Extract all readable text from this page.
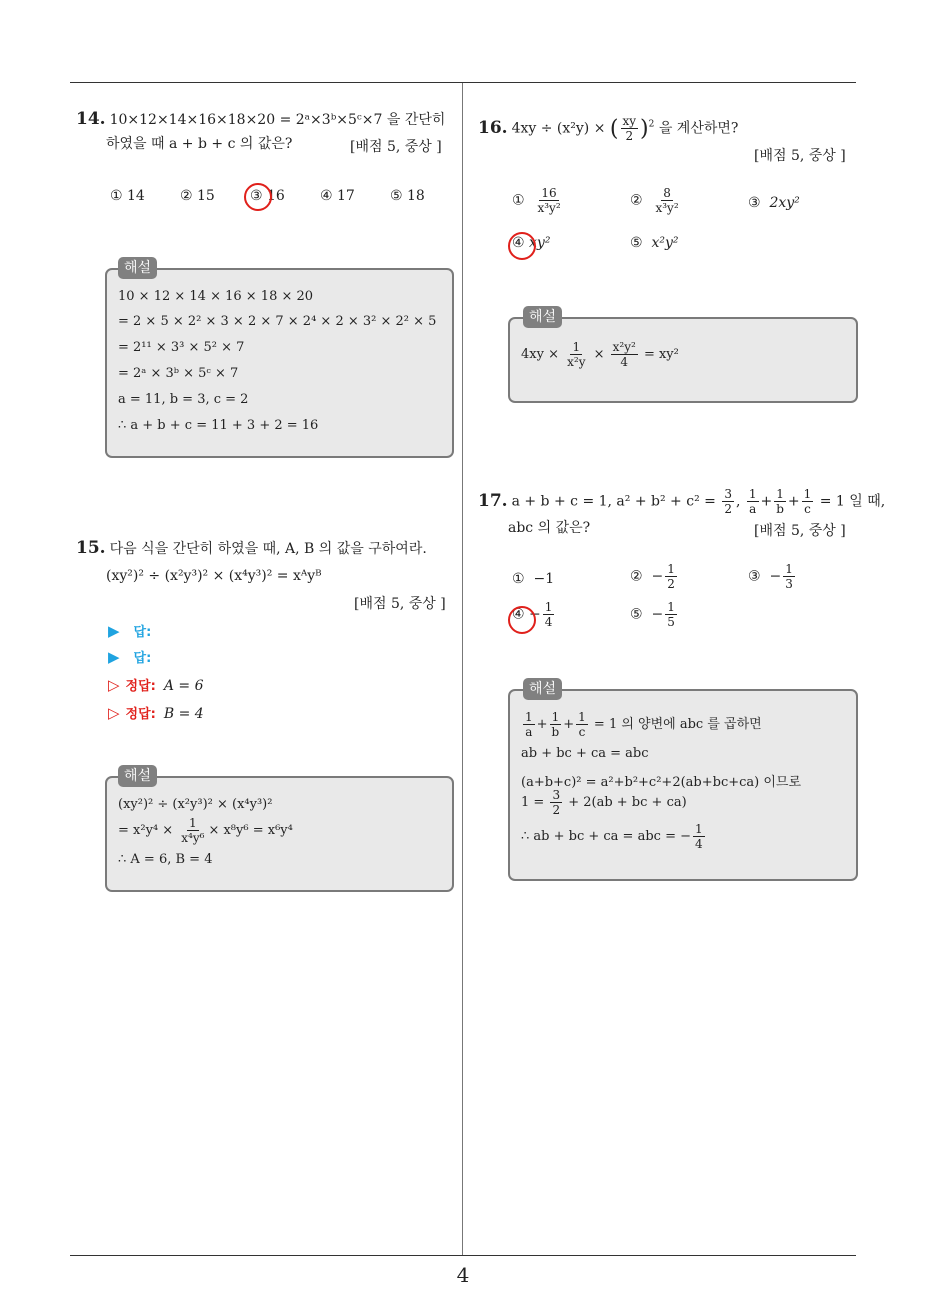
4
14. 10×12×14×16×18×20 = 2ᵃ×3ᵇ×5ᶜ×7 을 간단히
하였을 때 a + b + c 의 값은?	[배점 5, 중상 ]
① 14	② 15	③ 16	④ 17	⑤ 18
해설
10 × 12 × 14 × 16 × 18 × 20
= 2 × 5 × 2² × 3 × 2 × 7 × 2⁴ × 2 × 3² × 2² × 5
= 2¹¹ × 3³ × 5² × 7
= 2ᵃ × 3ᵇ × 5ᶜ × 7
a = 11, b = 3, c = 2
∴ a + b + c = 11 + 3 + 2 = 16
15. 다음 식을 간단히 하였을 때, A, B 의 값을 구하여라.
(xy²)² ÷ (x²y³)² × (x⁴y³)² = xᴬyᴮ
[배점 5, 중상 ]
▶ 답:
▶ 답:
▷ 정답: A = 6
▷ 정답: B = 4
해설
(xy²)² ÷ (x²y³)² × (x⁴y³)²
= $x^2y^4 \times \frac{1}{\text{x⁴y⁶}} \times x^8y^6 = x^6y^4$
∴ A = 6, B = 4
16. 4xy ÷ (x²y) × ( $\frac{xy}{2} )^2$ 을 계산하면?
[배점 5, 중상 ]
① $\frac{16}{\text{x³y²}}$	② $\frac{8}{\text{x³y²}}$	③ 2xy²
④ xy²	⑤ x²y²
해설
$4xy \times \frac{1}{\text{x²y}} \times \frac{\text{x²y²}}{4} = xy^2$
17. a + b + c = 1, $a^2 + b^2 + c^2 = \frac{3}{2}$ , $\frac{1}{a} + \frac{1}{b} + \frac{1}{c} = 1$ 일 때,
abc 의 값은?	[배점 5, 중상 ]
① −1	② − $\frac{1}{2}$	③ − $\frac{1}{3}$
④ − $\frac{1}{4}$	⑤ − $\frac{1}{5}$
해설
$\frac{1}{a} + \frac{1}{b} + \frac{1}{c} = 1$ 의 양변에 abc 를 곱하면
ab + bc + ca = abc
(a+b+c)² = a²+b²+c²+2(ab+bc+ca) 이므로
$1 = \frac{3}{2} + 2(ab$ + bc + ca)
∴ ab + bc + ca = abc = − $\frac{1}{4}$
